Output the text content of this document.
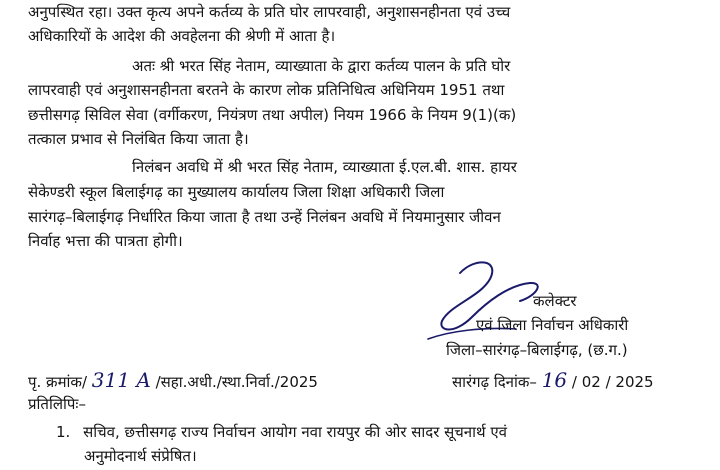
अनुपस्थित रहा। उक्त कृत्य अपने कर्तव्य के प्रति घोर लापरवाही, अनुशासनहीनता एवं उच्च
अधिकारियों के आदेश की अवहेलना की श्रेणी में आता है।
अतः श्री भरत सिंह नेताम, व्याख्याता के द्वारा कर्तव्य पालन के प्रति घोर
लापरवाही एवं अनुशासनहीनता बरतने के कारण लोक प्रतिनिधित्व अधिनियम 1951 तथा
छत्तीसगढ़ सिविल सेवा (वर्गीकरण, नियंत्रण तथा अपील) नियम 1966 के नियम 9(1)(क)
तत्काल प्रभाव से निलंबित किया जाता है।
निलंबन अवधि में श्री भरत सिंह नेताम, व्याख्याता ई.एल.बी. शास. हायर
सेकेण्डरी स्कूल बिलाईगढ़ का मुख्यालय कार्यालय जिला शिक्षा अधिकारी जिला
सारंगढ़–बिलाईगढ़ निर्धारित किया जाता है तथा उन्हें निलंबन अवधि में नियमानुसार जीवन
निर्वाह भत्ता की पात्रता होगी।
कलेक्टर
एवं जिला निर्वाचन अधिकारी
जिला–सारंगढ़–बिलाईगढ़, (छ.ग.)
पृ. क्रमांक/ 311 A /सहा.अधी./स्था.निर्वा./2025	सारंगढ़ दिनांक– 16 / 02 / 2025
प्रतिलिपिः–
1. सचिव, छत्तीसगढ़ राज्य निर्वाचन आयोग नवा रायपुर की ओर सादर सूचनार्थ एवं
अनुमोदनार्थ संप्रेषित।
